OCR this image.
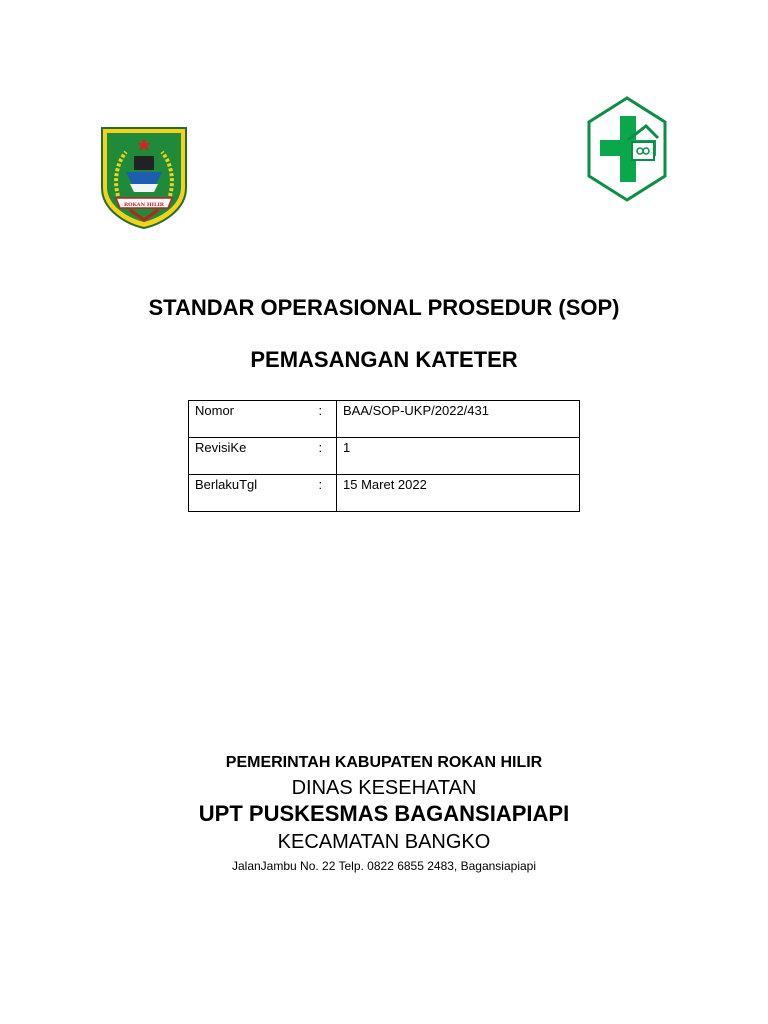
ROKAN HILIR
STANDAR OPERASIONAL PROSEDUR (SOP)
PEMASANGAN KATETER
Nomor	:	BAA/SOP-UKP/2022/431
RevisiKe	:	1
BerlakuTgl	:	15 Maret 2022

PEMERINTAH KABUPATEN ROKAN HILIR

DINAS KESEHATAN

UPT PUSKESMAS BAGANSIAPIAPI

KECAMATAN BANGKO

JalanJambu No. 22 Telp. 0822 6855 2483, Bagansiapiapi
